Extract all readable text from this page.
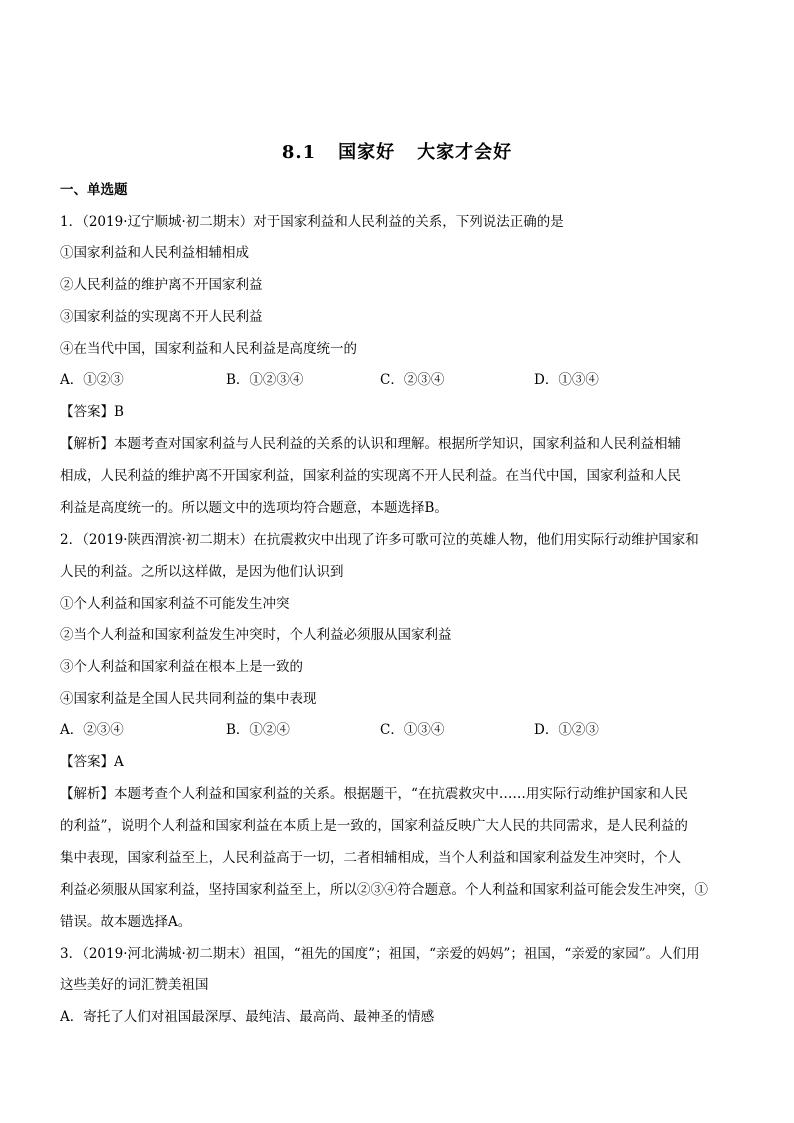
8.1 国家好 大家才会好
一、单选题
1．（2019·辽宁顺城·初二期末）对于国家利益和人民利益的关系，下列说法正确的是
①国家利益和人民利益相辅相成
②人民利益的维护离不开国家利益
③国家利益的实现离不开人民利益
④在当代中国，国家利益和人民利益是高度统一的
A．①②③	B．①②③④	C．②③④	D．①③④
【答案】B
【解析】本题考查对国家利益与人民利益的关系的认识和理解。根据所学知识，国家利益和人民利益相辅
相成，人民利益的维护离不开国家利益，国家利益的实现离不开人民利益。在当代中国，国家利益和人民
利益是高度统一的。所以题文中的选项均符合题意，本题选择B。
2．（2019·陕西渭滨·初二期末）在抗震救灾中出现了许多可歌可泣的英雄人物，他们用实际行动维护国家和
人民的利益。之所以这样做，是因为他们认识到
①个人利益和国家利益不可能发生冲突
②当个人利益和国家利益发生冲突时，个人利益必须服从国家利益
③个人利益和国家利益在根本上是一致的
④国家利益是全国人民共同利益的集中表现
A．②③④	B．①②④	C．①③④	D．①②③
【答案】A
【解析】本题考查个人利益和国家利益的关系。根据题干，“在抗震救灾中……用实际行动维护国家和人民
的利益”，说明个人利益和国家利益在本质上是一致的，国家利益反映广大人民的共同需求，是人民利益的
集中表现，国家利益至上，人民利益高于一切，二者相辅相成，当个人利益和国家利益发生冲突时，个人
利益必须服从国家利益，坚持国家利益至上，所以②③④符合题意。个人利益和国家利益可能会发生冲突，①
错误。故本题选择A。
3．（2019·河北满城·初二期末）祖国，“祖先的国度”；祖国，“亲爱的妈妈”；祖国，“亲爱的家园”。人们用
这些美好的词汇赞美祖国
A．寄托了人们对祖国最深厚、最纯洁、最高尚、最神圣的情感
